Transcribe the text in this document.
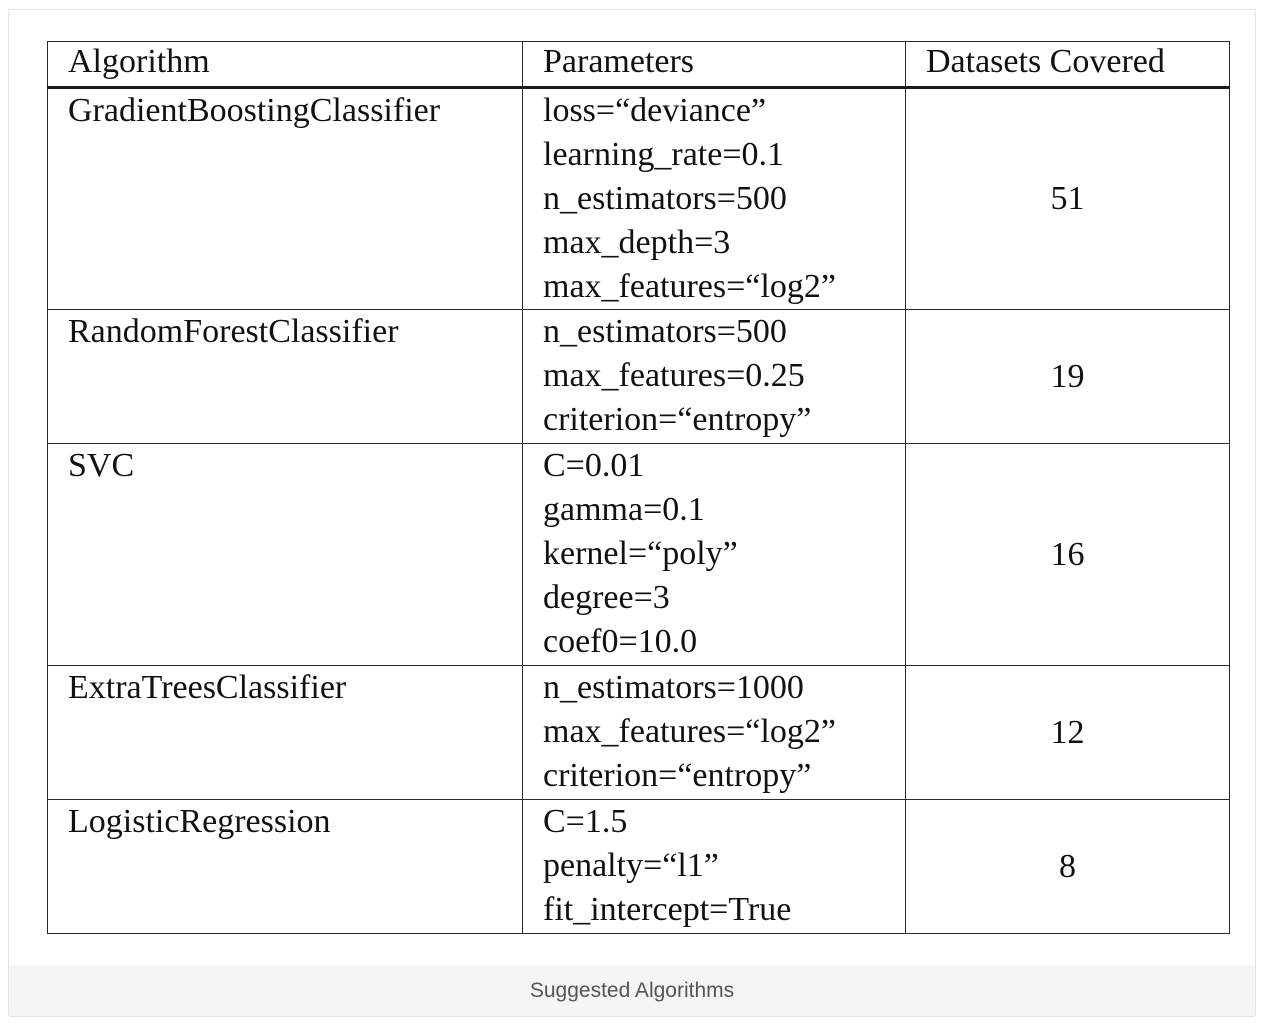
Algorithm	Parameters	Datasets Covered
GradientBoostingClassifier	loss=“deviance”
learning_rate=0.1
n_estimators=500
max_depth=3
max_features=“log2”	51
RandomForestClassifier	n_estimators=500
max_features=0.25
criterion=“entropy”	19
SVC	C=0.01
gamma=0.1
kernel=“poly”
degree=3
coef0=10.0	16
ExtraTreesClassifier	n_estimators=1000
max_features=“log2”
criterion=“entropy”	12
LogisticRegression	C=1.5
penalty=“l1”
fit_intercept=True	8
Suggested Algorithms
